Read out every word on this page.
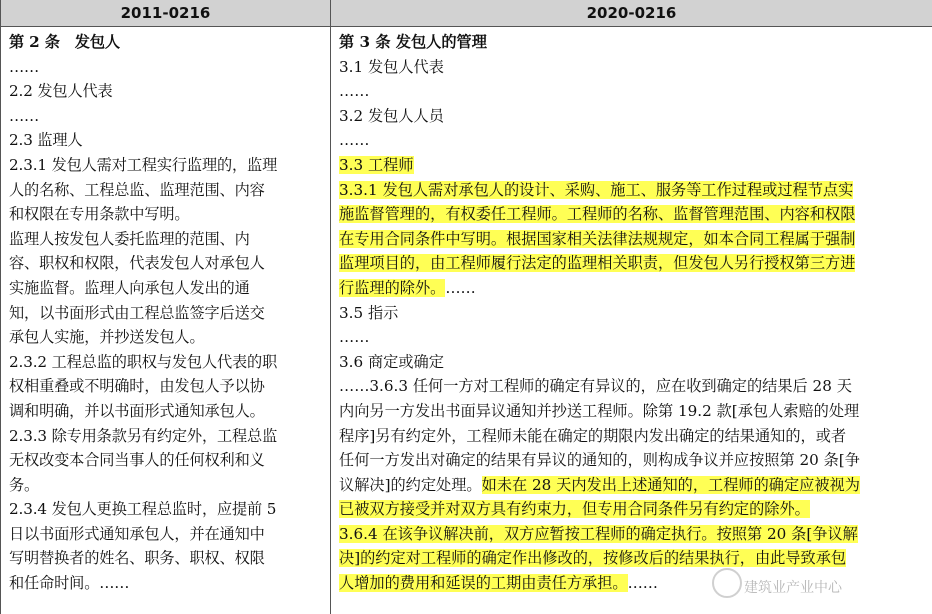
2011-0216	2020-0216

第 2 条　发包人

……

2.2 发包人代表

……

2.3 监理人

2.3.1 发包人需对工程实行监理的，监理

人的名称、工程总监、监理范围、内容

和权限在专用条款中写明。

监理人按发包人委托监理的范围、内

容、职权和权限，代表发包人对承包人

实施监督。监理人向承包人发出的通

知，以书面形式由工程总监签字后送交

承包人实施，并抄送发包人。

2.3.2 工程总监的职权与发包人代表的职

权相重叠或不明确时，由发包人予以协

调和明确，并以书面形式通知承包人。

2.3.3 除专用条款另有约定外，工程总监

无权改变本合同当事人的任何权利和义

务。

2.3.4 发包人更换工程总监时，应提前 5

日以书面形式通知承包人，并在通知中

写明替换者的姓名、职务、职权、权限

和任命时间。……

第 3 条 发包人的管理

3.1 发包人代表

……

3.2 发包人人员

……

3.3 工程师

3.3.1 发包人需对承包人的设计、采购、施工、服务等工作过程或过程节点实

施监督管理的，有权委任工程师。工程师的名称、监督管理范围、内容和权限

在专用合同条件中写明。根据国家相关法律法规规定，如本合同工程属于强制

监理项目的，由工程师履行法定的监理相关职责，但发包人另行授权第三方进

行监理的除外。……

3.5 指示

……

3.6 商定或确定

……3.6.3 任何一方对工程师的确定有异议的，应在收到确定的结果后 28 天

内向另一方发出书面异议通知并抄送工程师。除第 19.2 款[承包人索赔的处理

程序]另有约定外，工程师未能在确定的期限内发出确定的结果通知的，或者

任何一方发出对确定的结果有异议的通知的，则构成争议并应按照第 20 条[争

议解决]的约定处理。如未在 28 天内发出上述通知的，工程师的确定应被视为

已被双方接受并对双方具有约束力，但专用合同条件另有约定的除外。

3.6.4 在该争议解决前，双方应暂按工程师的确定执行。按照第 20 条[争议解

决]的约定对工程师的确定作出修改的，按修改后的结果执行，由此导致承包

人增加的费用和延误的工期由责任方承担。……	建筑业产业中心
